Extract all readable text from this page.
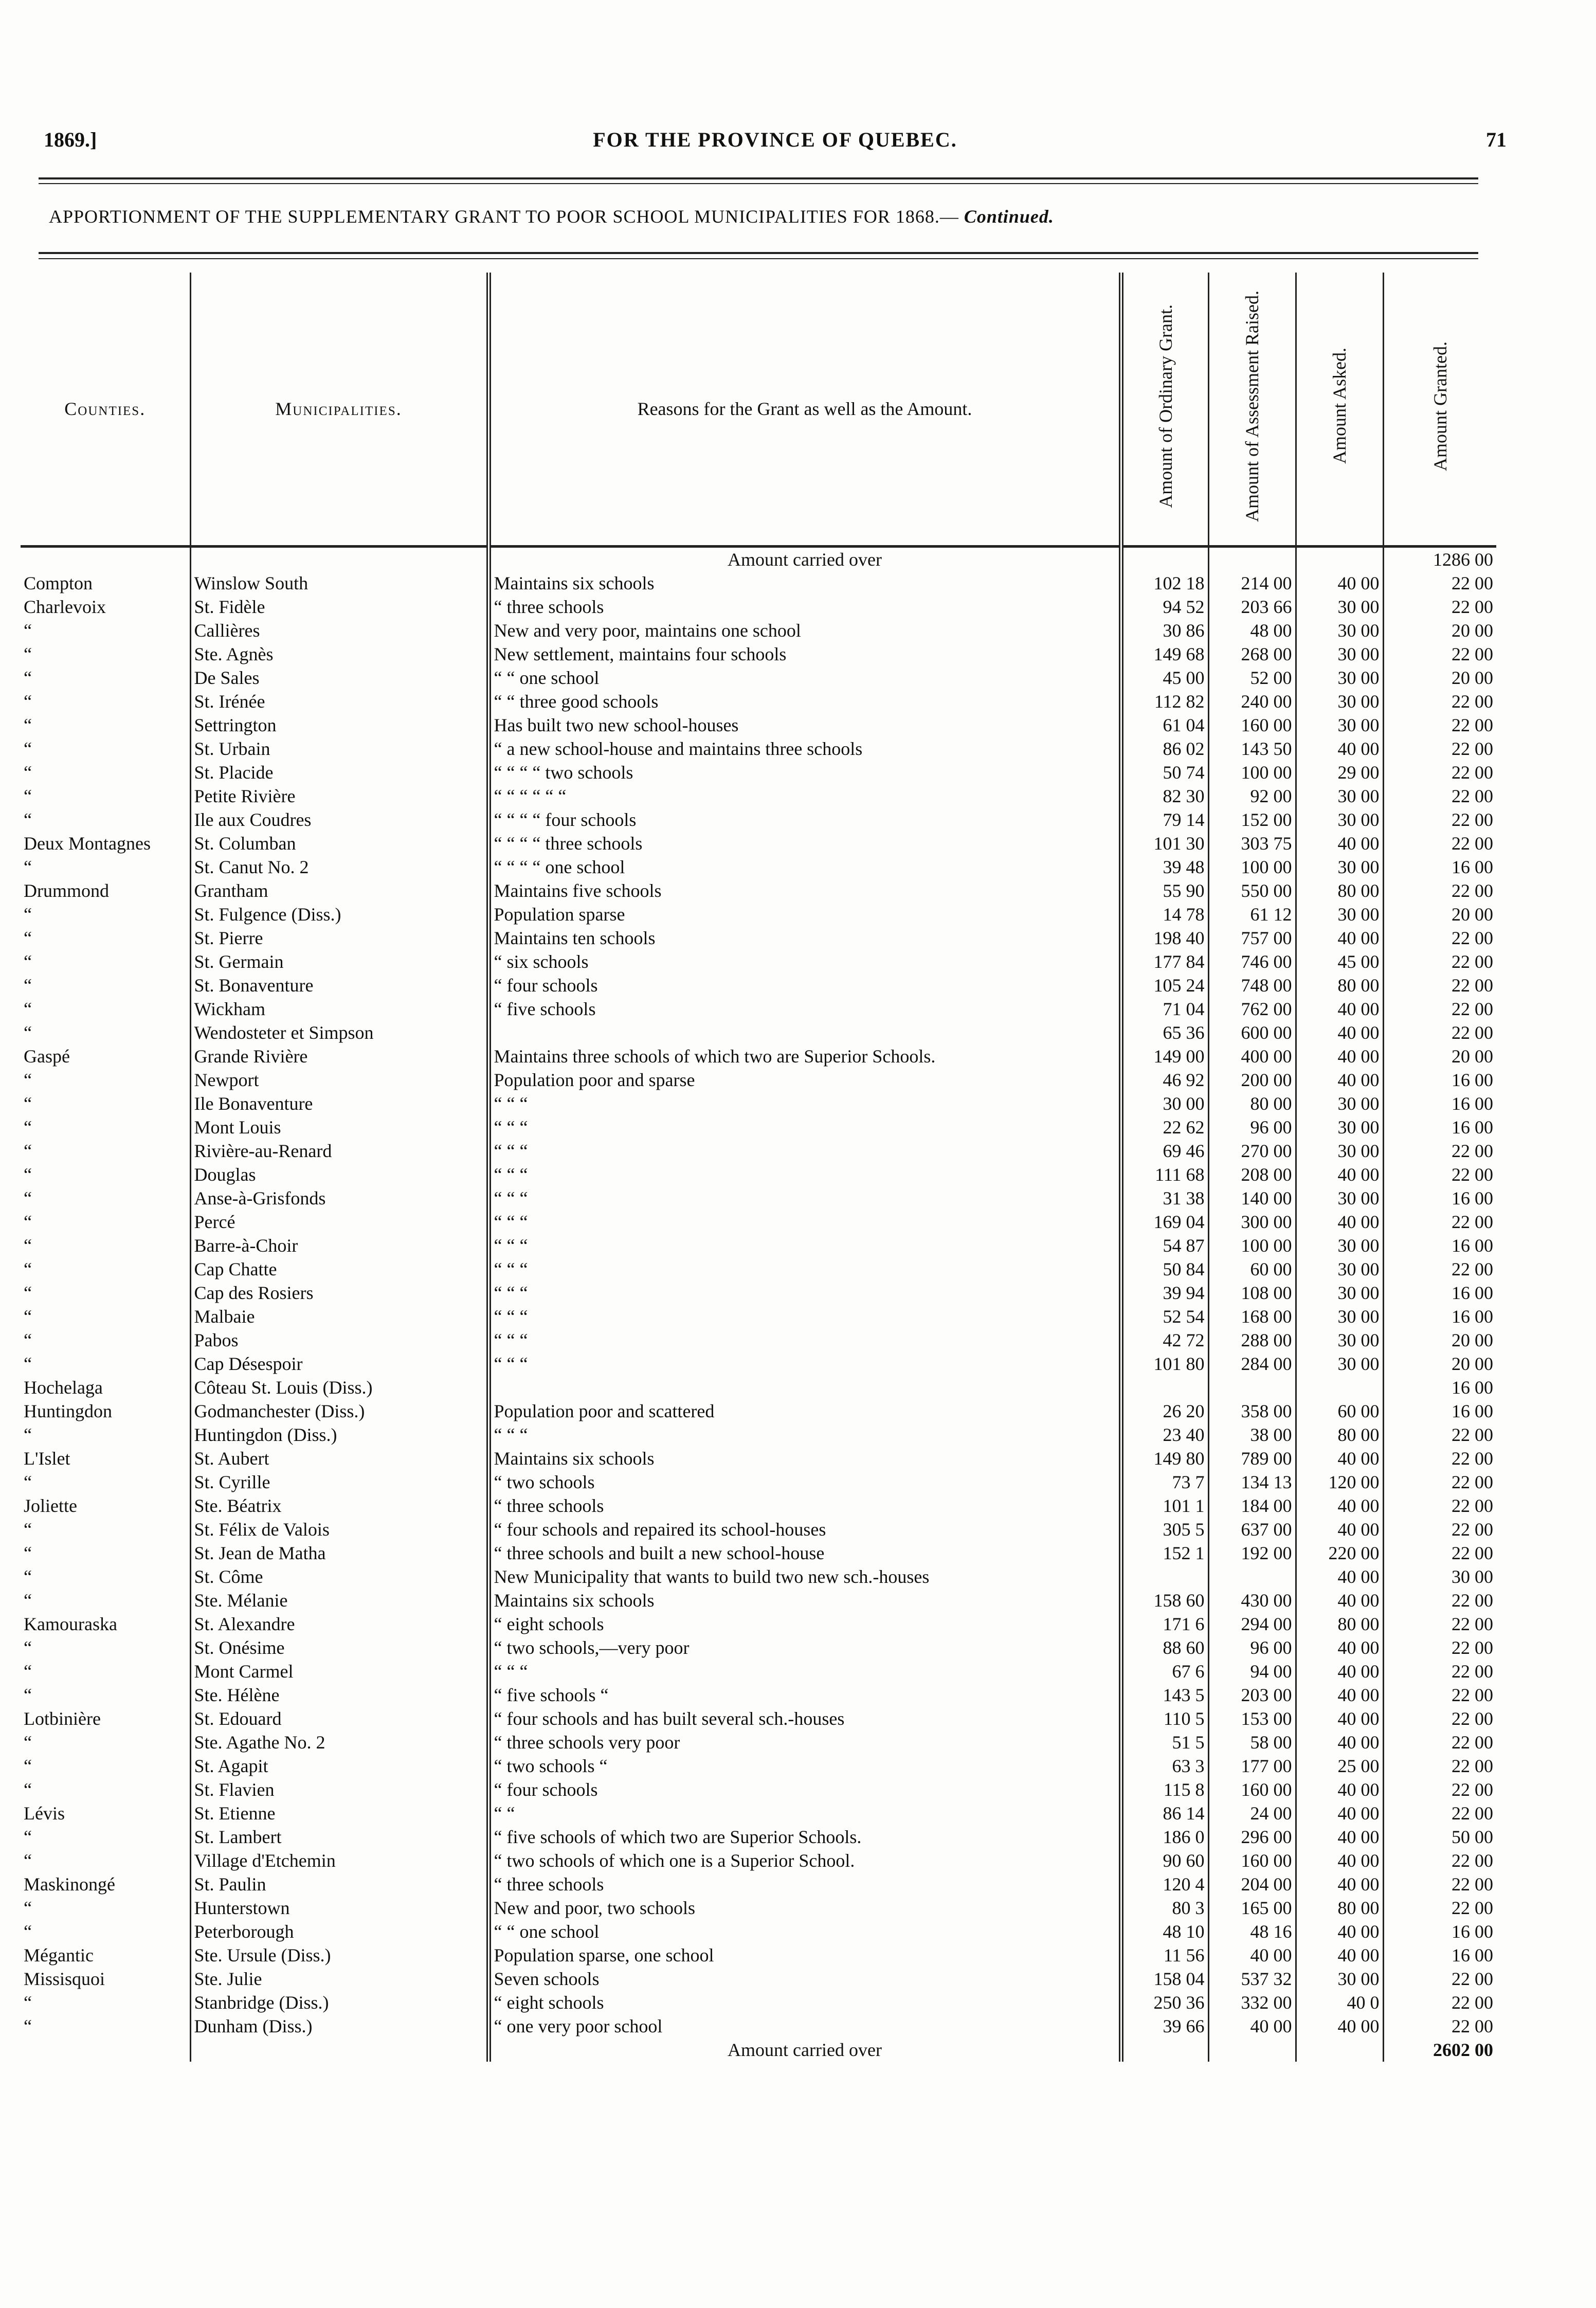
1869.]	FOR THE PROVINCE OF QUEBEC.	71
APPORTIONMENT OF THE SUPPLEMENTARY GRANT TO POOR SCHOOL MUNICIPALITIES FOR 1868.— Continued.
Counties.	Municipalities.	Reasons for the Grant as well as the Amount.	Amount of Ordinary Grant.	Amount of Assessment Raised.	Amount Asked.	Amount Granted.
		Amount carried over				1286 00
Compton	Winslow South	Maintains six schools	102 18	214 00	40 00	22 00
Charlevoix	St. Fidèle	“ three schools	94 52	203 66	30 00	22 00
“	Callières	New and very poor, maintains one school	30 86	48 00	30 00	20 00
“	Ste. Agnès	New settlement, maintains four schools	149 68	268 00	30 00	22 00
“	De Sales	“ “ one school	45 00	52 00	30 00	20 00
“	St. Irénée	“ “ three good schools	112 82	240 00	30 00	22 00
“	Settrington	Has built two new school-houses	61 04	160 00	30 00	22 00
“	St. Urbain	“ a new school-house and maintains three schools	86 02	143 50	40 00	22 00
“	St. Placide	“ “ “ “ two schools	50 74	100 00	29 00	22 00
“	Petite Rivière	“ “ “ “ “ “	82 30	92 00	30 00	22 00
“	Ile aux Coudres	“ “ “ “ four schools	79 14	152 00	30 00	22 00
Deux Montagnes	St. Columban	“ “ “ “ three schools	101 30	303 75	40 00	22 00
“	St. Canut No. 2	“ “ “ “ one school	39 48	100 00	30 00	16 00
Drummond	Grantham	Maintains five schools	55 90	550 00	80 00	22 00
“	St. Fulgence (Diss.)	Population sparse	14 78	61 12	30 00	20 00
“	St. Pierre	Maintains ten schools	198 40	757 00	40 00	22 00
“	St. Germain	“ six schools	177 84	746 00	45 00	22 00
“	St. Bonaventure	“ four schools	105 24	748 00	80 00	22 00
“	Wickham	“ five schools	71 04	762 00	40 00	22 00
“	Wendosteter et Simpson		65 36	600 00	40 00	22 00
Gaspé	Grande Rivière	Maintains three schools of which two are Superior Schools.	149 00	400 00	40 00	20 00
“	Newport	Population poor and sparse	46 92	200 00	40 00	16 00
“	Ile Bonaventure	“ “ “	30 00	80 00	30 00	16 00
“	Mont Louis	“ “ “	22 62	96 00	30 00	16 00
“	Rivière-au-Renard	“ “ “	69 46	270 00	30 00	22 00
“	Douglas	“ “ “	111 68	208 00	40 00	22 00
“	Anse-à-Grisfonds	“ “ “	31 38	140 00	30 00	16 00
“	Percé	“ “ “	169 04	300 00	40 00	22 00
“	Barre-à-Choir	“ “ “	54 87	100 00	30 00	16 00
“	Cap Chatte	“ “ “	50 84	60 00	30 00	22 00
“	Cap des Rosiers	“ “ “	39 94	108 00	30 00	16 00
“	Malbaie	“ “ “	52 54	168 00	30 00	16 00
“	Pabos	“ “ “	42 72	288 00	30 00	20 00
“	Cap Désespoir	“ “ “	101 80	284 00	30 00	20 00
Hochelaga	Côteau St. Louis (Diss.)					16 00
Huntingdon	Godmanchester (Diss.)	Population poor and scattered	26 20	358 00	60 00	16 00
“	Huntingdon (Diss.)	“ “ “	23 40	38 00	80 00	22 00
L'Islet	St. Aubert	Maintains six schools	149 80	789 00	40 00	22 00
“	St. Cyrille	“ two schools	73 7	134 13	120 00	22 00
Joliette	Ste. Béatrix	“ three schools	101 1	184 00	40 00	22 00
“	St. Félix de Valois	“ four schools and repaired its school-houses	305 5	637 00	40 00	22 00
“	St. Jean de Matha	“ three schools and built a new school-house	152 1	192 00	220 00	22 00
“	St. Côme	New Municipality that wants to build two new sch.-houses			40 00	30 00
“	Ste. Mélanie	Maintains six schools	158 60	430 00	40 00	22 00
Kamouraska	St. Alexandre	“ eight schools	171 6	294 00	80 00	22 00
“	St. Onésime	“ two schools,—very poor	88 60	96 00	40 00	22 00
“	Mont Carmel	“ “ “	67 6	94 00	40 00	22 00
“	Ste. Hélène	“ five schools “	143 5	203 00	40 00	22 00
Lotbinière	St. Edouard	“ four schools and has built several sch.-houses	110 5	153 00	40 00	22 00
“	Ste. Agathe No. 2	“ three schools very poor	51 5	58 00	40 00	22 00
“	St. Agapit	“ two schools “	63 3	177 00	25 00	22 00
“	St. Flavien	“ four schools	115 8	160 00	40 00	22 00
Lévis	St. Etienne	“ “	86 14	24 00	40 00	22 00
“	St. Lambert	“ five schools of which two are Superior Schools.	186 0	296 00	40 00	50 00
“	Village d'Etchemin	“ two schools of which one is a Superior School.	90 60	160 00	40 00	22 00
Maskinongé	St. Paulin	“ three schools	120 4	204 00	40 00	22 00
“	Hunterstown	New and poor, two schools	80 3	165 00	80 00	22 00
“	Peterborough	“ “ one school	48 10	48 16	40 00	16 00
Mégantic	Ste. Ursule (Diss.)	Population sparse, one school	11 56	40 00	40 00	16 00
Missisquoi	Ste. Julie	Seven schools	158 04	537 32	30 00	22 00
“	Stanbridge (Diss.)	“ eight schools	250 36	332 00	40 0	22 00
“	Dunham (Diss.)	“ one very poor school	39 66	40 00	40 00	22 00
		Amount carried over				2602 00
